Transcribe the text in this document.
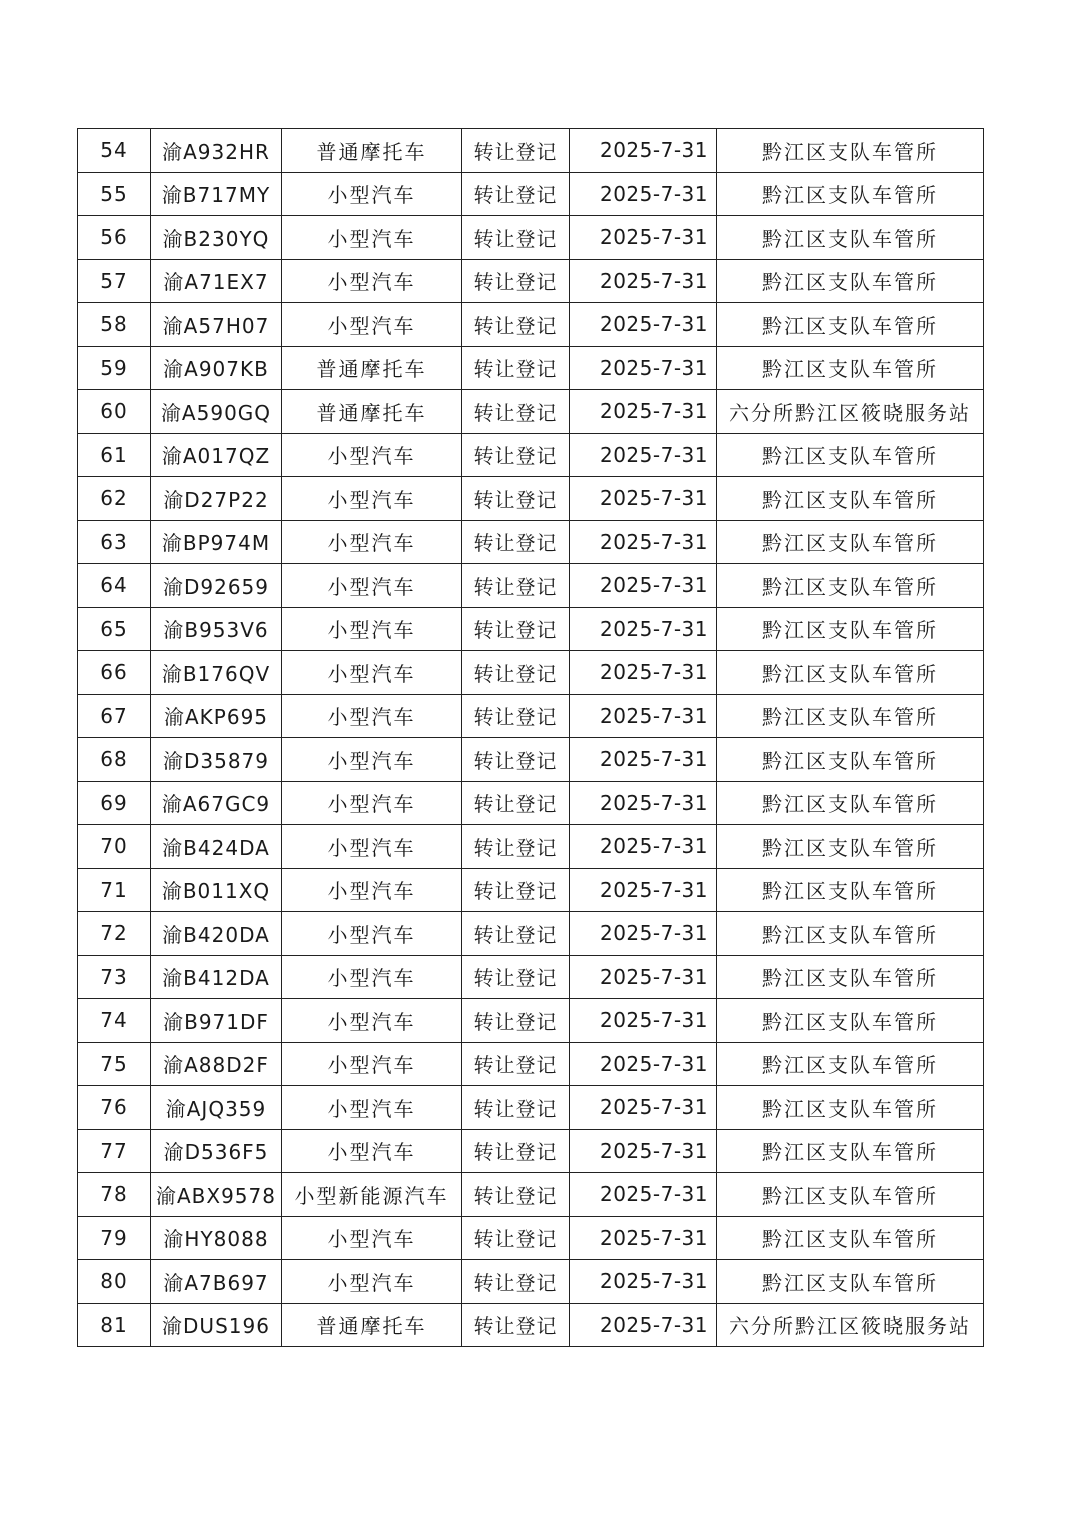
54	渝A932HR	普通摩托车	转让登记	2025-7-31	黔江区支队车管所
55	渝B717MY	小型汽车	转让登记	2025-7-31	黔江区支队车管所
56	渝B230YQ	小型汽车	转让登记	2025-7-31	黔江区支队车管所
57	渝A71EX7	小型汽车	转让登记	2025-7-31	黔江区支队车管所
58	渝A57H07	小型汽车	转让登记	2025-7-31	黔江区支队车管所
59	渝A907KB	普通摩托车	转让登记	2025-7-31	黔江区支队车管所
60	渝A590GQ	普通摩托车	转让登记	2025-7-31	六分所黔江区筱晓服务站
61	渝A017QZ	小型汽车	转让登记	2025-7-31	黔江区支队车管所
62	渝D27P22	小型汽车	转让登记	2025-7-31	黔江区支队车管所
63	渝BP974M	小型汽车	转让登记	2025-7-31	黔江区支队车管所
64	渝D92659	小型汽车	转让登记	2025-7-31	黔江区支队车管所
65	渝B953V6	小型汽车	转让登记	2025-7-31	黔江区支队车管所
66	渝B176QV	小型汽车	转让登记	2025-7-31	黔江区支队车管所
67	渝AKP695	小型汽车	转让登记	2025-7-31	黔江区支队车管所
68	渝D35879	小型汽车	转让登记	2025-7-31	黔江区支队车管所
69	渝A67GC9	小型汽车	转让登记	2025-7-31	黔江区支队车管所
70	渝B424DA	小型汽车	转让登记	2025-7-31	黔江区支队车管所
71	渝B011XQ	小型汽车	转让登记	2025-7-31	黔江区支队车管所
72	渝B420DA	小型汽车	转让登记	2025-7-31	黔江区支队车管所
73	渝B412DA	小型汽车	转让登记	2025-7-31	黔江区支队车管所
74	渝B971DF	小型汽车	转让登记	2025-7-31	黔江区支队车管所
75	渝A88D2F	小型汽车	转让登记	2025-7-31	黔江区支队车管所
76	渝AJQ359	小型汽车	转让登记	2025-7-31	黔江区支队车管所
77	渝D536F5	小型汽车	转让登记	2025-7-31	黔江区支队车管所
78	渝ABX9578	小型新能源汽车	转让登记	2025-7-31	黔江区支队车管所
79	渝HY8088	小型汽车	转让登记	2025-7-31	黔江区支队车管所
80	渝A7B697	小型汽车	转让登记	2025-7-31	黔江区支队车管所
81	渝DUS196	普通摩托车	转让登记	2025-7-31	六分所黔江区筱晓服务站
